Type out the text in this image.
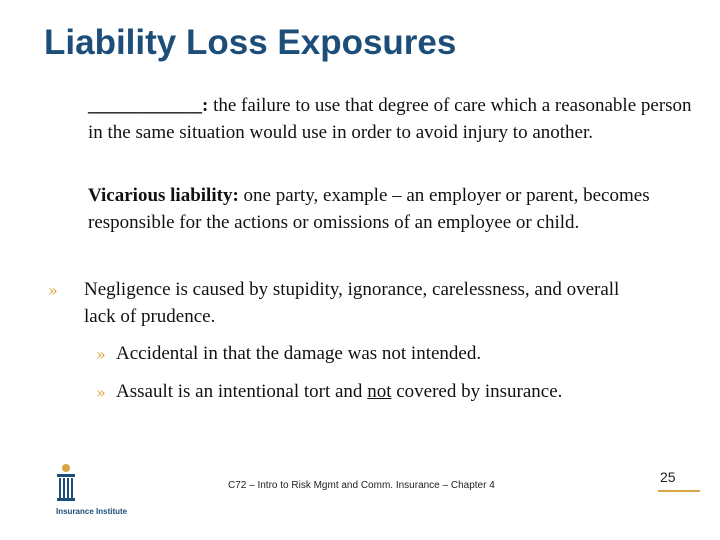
Liability Loss Exposures

____________: the failure to use that degree of care which a reasonable person in the same situation would use in order to avoid injury to another.

Vicarious liability: one party, example – an employer or parent, becomes responsible for the actions or omissions of an employee or child.

» Negligence is caused by stupidity, ignorance, carelessness, and overall lack of prudence.
» Accidental in that the damage was not intended.
» Assault is an intentional tort and not covered by insurance.
Insurance Institute
C72 – Intro to Risk Mgmt and Comm. Insurance – Chapter 4
25
